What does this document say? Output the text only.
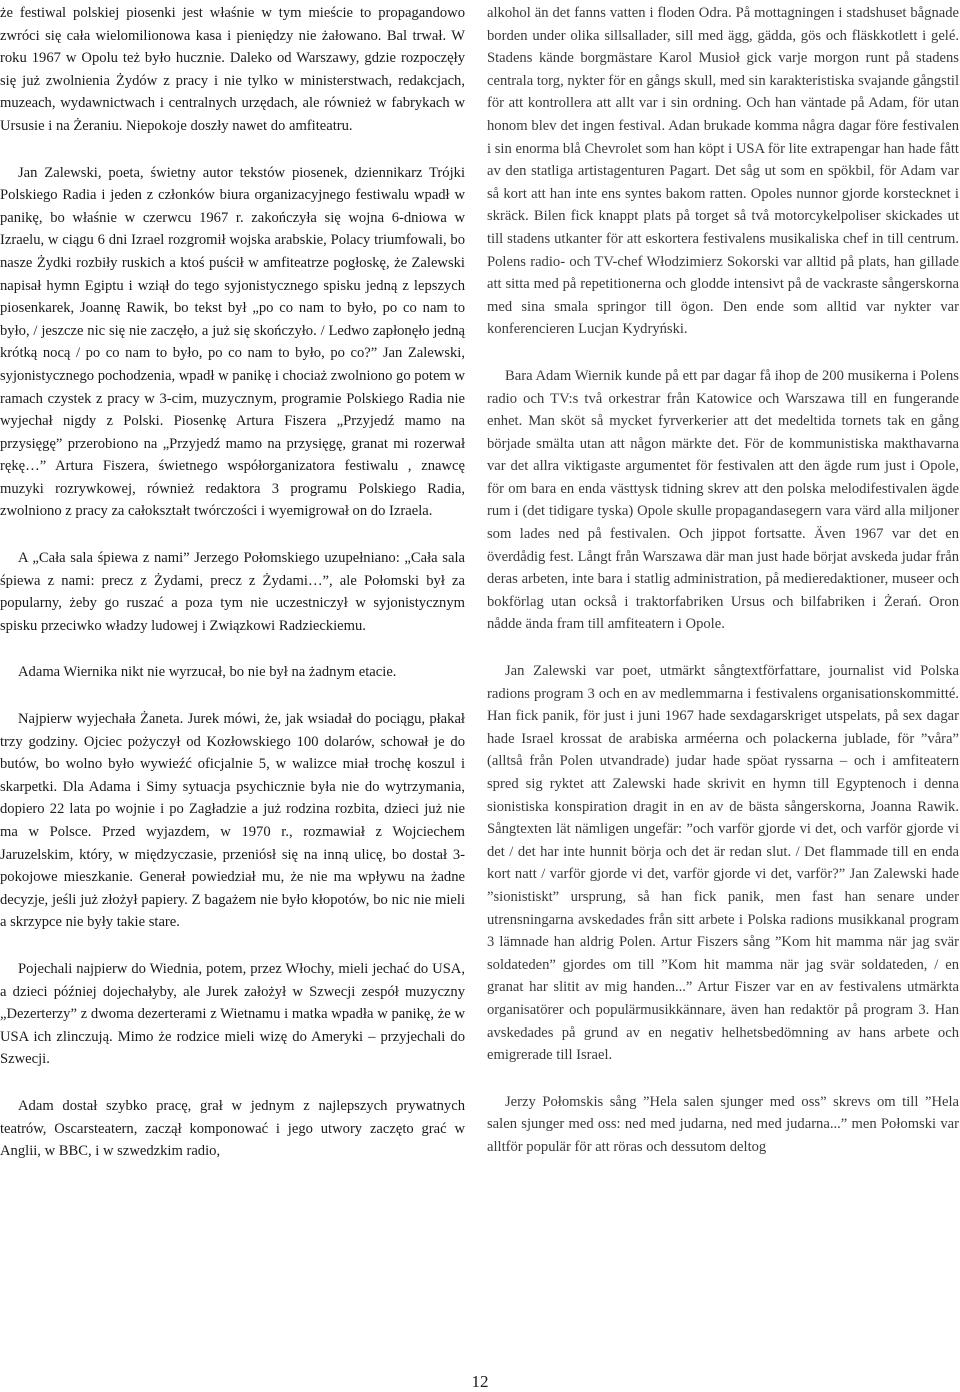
że festiwal polskiej piosenki jest właśnie w tym mieście to propagandowo zwróci się cała wielomilionowa kasa i pieniędzy nie żałowano. Bal trwał. W roku 1967 w Opolu też było hucznie. Daleko od Warszawy, gdzie rozpoczęły się już zwolnienia Żydów z pracy i nie tylko w ministerstwach, redakcjach, muzeach, wydawnictwach i centralnych urzędach, ale również w fabrykach w Ursusie i na Żeraniu. Niepokoje doszły nawet do amfiteatru.

Jan Zalewski, poeta, świetny autor tekstów piosenek, dziennikarz Trójki Polskiego Radia i jeden z członków biura organizacyjnego festiwalu wpadł w panikę, bo właśnie w czerwcu 1967 r. zakończyła się wojna 6-dniowa w Izraelu, w ciągu 6 dni Izrael rozgromił wojska arabskie, Polacy triumfowali, bo nasze Żydki rozbiły ruskich a ktoś puścił w amfiteatrze pogłoskę, że Zalewski napisał hymn Egiptu i wziął do tego syjonistycznego spisku jedną z lepszych piosenkarek, Joannę Rawik, bo tekst był „po co nam to było, po co nam to było, / jeszcze nic się nie zaczęło, a już się skończyło. / Ledwo zapłonęło jedną krótką nocą / po co nam to było, po co nam to było, po co?” Jan Zalewski, syjonistycznego pochodzenia, wpadł w panikę i chociaż zwolniono go potem w ramach czystek z pracy w 3-cim, muzycznym, programie Polskiego Radia nie wyjechał nigdy z Polski. Piosenkę Artura Fiszera „Przyjedź mamo na przysięgę” przerobiono na „Przyjedź mamo na przysięgę, granat mi rozerwał rękę…” Artura Fiszera, świetnego współorganizatora festiwalu , znawcę muzyki rozrywkowej, również redaktora 3 programu Polskiego Radia, zwolniono z pracy za całokształt twórczości i wyemigrował on do Izraela.

A „Cała sala śpiewa z nami” Jerzego Połomskiego uzupełniano: „Cała sala śpiewa z nami: precz z Żydami, precz z Żydami…”, ale Połomski był za popularny, żeby go ruszać a poza tym nie uczestniczył w syjonistycznym spisku przeciwko władzy ludowej i Związkowi Radzieckiemu.

Adama Wiernika nikt nie wyrzucał, bo nie był na żadnym etacie.

Najpierw wyjechała Żaneta. Jurek mówi, że, jak wsiadał do pociągu, płakał trzy godziny. Ojciec pożyczył od Kozłowskiego 100 dolarów, schował je do butów, bo wolno było wywieźć oficjalnie 5, w walizce miał trochę koszul i skarpetki. Dla Adama i Simy sytuacja psychicznie była nie do wytrzymania, dopiero 22 lata po wojnie i po Zagładzie a już rodzina rozbita, dzieci już nie ma w Polsce. Przed wyjazdem, w 1970 r., rozmawiał z Wojciechem Jaruzelskim, który, w międzyczasie, przeniósł się na inną ulicę, bo dostał 3-pokojowe mieszkanie. Generał powiedział mu, że nie ma wpływu na żadne decyzje, jeśli już złożył papiery. Z bagażem nie było kłopotów, bo nic nie mieli a skrzypce nie były takie stare.

Pojechali najpierw do Wiednia, potem, przez Włochy, mieli jechać do USA, a dzieci później dojechałyby, ale Jurek założył w Szwecji zespół muzyczny „Dezerterzy” z dwoma dezerterami z Wietnamu i matka wpadła w panikę, że w USA ich zlinczują. Mimo że rodzice mieli wizę do Ameryki – przyjechali do Szwecji.

Adam dostał szybko pracę, grał w jednym z najlepszych prywatnych teatrów, Oscarsteatern, zaczął komponować i jego utwory zaczęto grać w Anglii, w BBC, i w szwedzkim radio,

alkohol än det fanns vatten i floden Odra. På mottagningen i stadshuset bågnade borden under olika sillsallader, sill med ägg, gädda, gös och fläskkotlett i gelé. Stadens kände borgmästare Karol Musioł gick varje morgon runt på stadens centrala torg, nykter för en gångs skull, med sin karakteristiska svajande gångstil för att kontrollera att allt var i sin ordning. Och han väntade på Adam, för utan honom blev det ingen festival. Adan brukade komma några dagar före festivalen i sin enorma blå Chevrolet som han köpt i USA för lite extrapengar han hade fått av den statliga artistagenturen Pagart. Det såg ut som en spökbil, för Adam var så kort att han inte ens syntes bakom ratten. Opoles nunnor gjorde korstecknet i skräck. Bilen fick knappt plats på torget så två motorcykelpoliser skickades ut till stadens utkanter för att eskortera festivalens musikaliska chef in till centrum. Polens radio- och TV-chef Włodzimierz Sokorski var alltid på plats, han gillade att sitta med på repetitionerna och glodde intensivt på de vackraste sångerskorna med sina smala springor till ögon. Den ende som alltid var nykter var konferencieren Lucjan Kydryński.

Bara Adam Wiernik kunde på ett par dagar få ihop de 200 musikerna i Polens radio och TV:s två orkestrar från Katowice och Warszawa till en fungerande enhet. Man sköt så mycket fyrverkerier att det medeltida tornets tak en gång började smälta utan att någon märkte det. För de kommunistiska makthavarna var det allra viktigaste argumentet för festivalen att den ägde rum just i Opole, för om bara en enda västtysk tidning skrev att den polska melodifestivalen ägde rum i (det tidigare tyska) Opole skulle propagandasegern vara värd alla miljoner som lades ned på festivalen. Och jippot fortsatte. Även 1967 var det en överdådig fest. Långt från Warszawa där man just hade börjat avskeda judar från deras arbeten, inte bara i statlig administration, på medieredaktioner, museer och bokförlag utan också i traktorfabriken Ursus och bilfabriken i Żerań. Oron nådde ända fram till amfiteatern i Opole.

Jan Zalewski var poet, utmärkt sångtextförfattare, journalist vid Polska radions program 3 och en av medlemmarna i festivalens organisationskommitté. Han fick panik, för just i juni 1967 hade sexdagarskriget utspelats, på sex dagar hade Israel krossat de arabiska arméerna och polackerna jublade, för ”våra” (alltså från Polen utvandrade) judar hade spöat ryssarna – och i amfiteatern spred sig ryktet att Zalewski hade skrivit en hymn till Egyptenoch i denna sionistiska konspiration dragit in en av de bästa sångerskorna, Joanna Rawik. Sångtexten lät nämligen ungefär: ”och varför gjorde vi det, och varför gjorde vi det / det har inte hunnit börja och det är redan slut. / Det flammade till en enda kort natt / varför gjorde vi det, varför gjorde vi det, varför?” Jan Zalewski hade ”sionistiskt” ursprung, så han fick panik, men fast han senare under utrensningarna avskedades från sitt arbete i Polska radions musikkanal program 3 lämnade han aldrig Polen. Artur Fiszers sång ”Kom hit mamma när jag svär soldateden” gjordes om till ”Kom hit mamma när jag svär soldateden, / en granat har slitit av mig handen...” Artur Fiszer var en av festivalens utmärkta organisatörer och populärmusikkännare, även han redaktör på program 3. Han avskedades på grund av en negativ helhetsbedömning av hans arbete och emigrerade till Israel.

Jerzy Połomskis sång ”Hela salen sjunger med oss” skrevs om till ”Hela salen sjunger med oss: ned med judarna, ned med judarna...” men Połomski var alltför populär för att röras och dessutom deltog

12
